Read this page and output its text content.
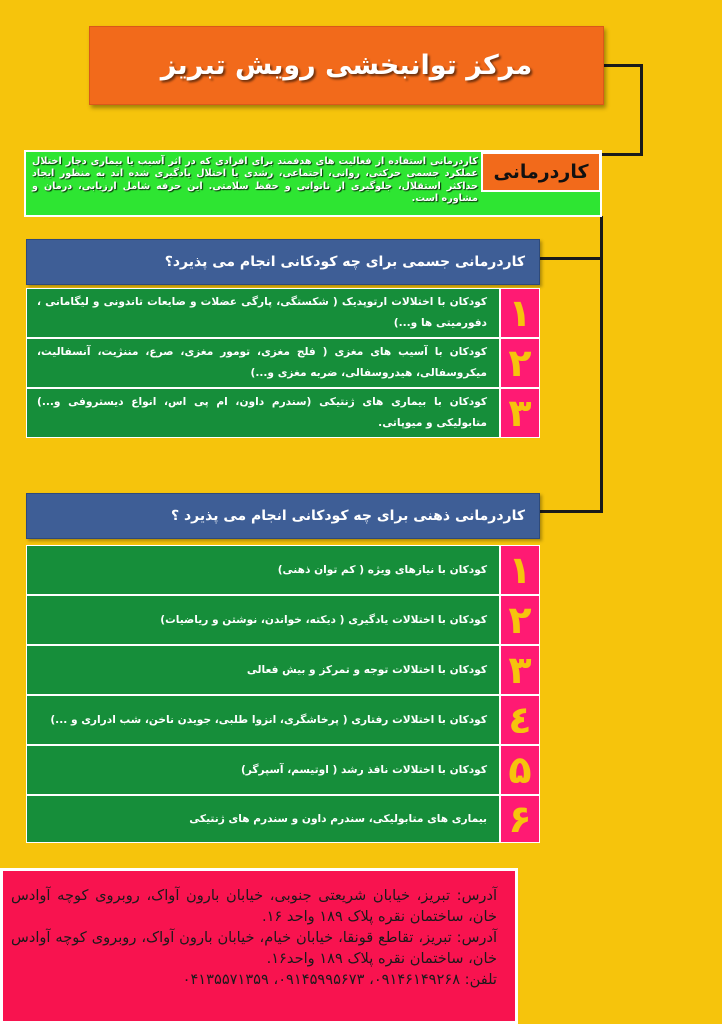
مرکز توانبخشی رویش تبریز

کاردرمانی استفاده از فعالیت های هدفمند برای افرادی که در اثر آسیب یا بیماری دچار اختلال عملکرد جسمی حرکتی، روانی، اجتماعی، رشدی یا اختلال یادگیری شده اند به منظور ایجاد حداکثر استقلال، جلوگیری از ناتوانی و حفظ سلامتی. این حرفه شامل ارزیابی، درمان و مشاوره است.

کاردرمانی
کاردرمانی جسمی برای چه کودکانی انجام می پذیرد؟
۱
کودکان با اختلالات ارتوپدیک ( شکستگی، پارگی عضلات و ضایعات تاندونی و لیگامانی ، دفورمیتی ها و...)
۲
کودکان با آسیب های مغزی ( فلج مغزی، تومور مغزی، صرع، مننژیت، آنسفالیت، میکروسفالی، هیدروسفالی، ضربه مغزی و...)
۳
کودکان با بیماری های ژنتیکی (سندرم داون، ام پی اس، انواع دیستروفی و...) متابولیکی و میوپاتی.
کاردرمانی ذهنی برای چه کودکانی انجام می پذیرد ؟
۱
کودکان با نیازهای ویژه ( کم توان ذهنی)
۲
کودکان با اختلالات یادگیری ( دیکته، خواندن، نوشتن و ریاضیات)
۳
کودکان با اختلالات توجه و تمرکز و بیش فعالی
٤
کودکان با اختلالات رفتاری ( پرخاشگری، انزوا طلبی، جویدن ناخن، شب ادراری و ...)
۵
کودکان با اختلالات نافذ رشد ( اوتیسم، آسپرگر)
۶
بیماری های متابولیکی، سندرم داون و سندرم های ژنتیکی

آدرس: تبریز، خیابان شریعتی جنوبی، خیابان بارون آواک، روبروی کوچه آوادس خان، ساختمان نقره پلاک ۱۸۹ واحد ۱۶.

آدرس: تبریز، تقاطع قونقا، خیابان خیام، خیابان بارون آواک، روبروی کوچه آوادس خان، ساختمان نقره پلاک ۱۸۹ واحد۱۶.

تلفن: ۰۹۱۴۶۱۴۹۲۶۸، ۰۹۱۴۵۹۹۵۶۷۳، ۰۴۱۳۵۵۷۱۳۵۹
